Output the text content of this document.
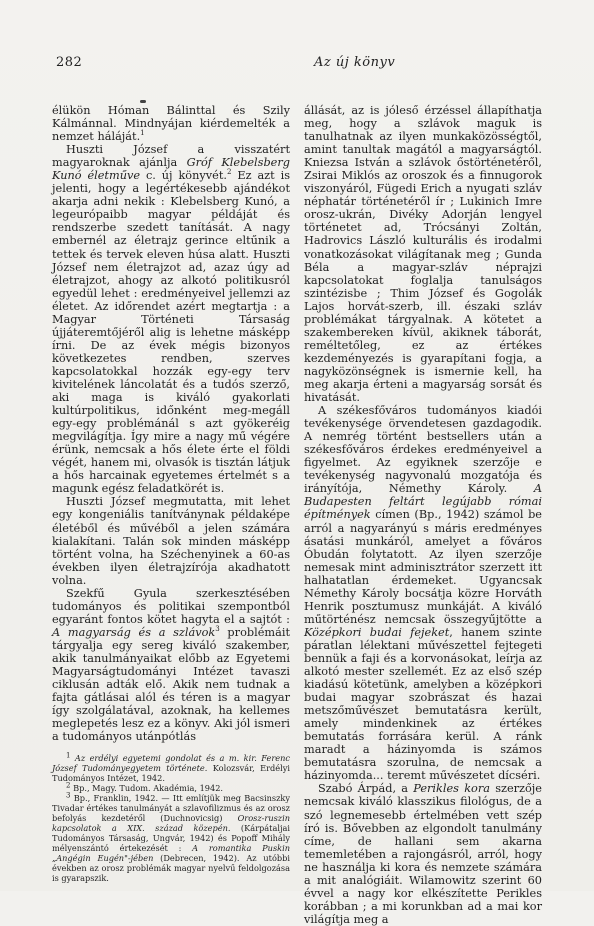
282	Az új könyv

élükön Hóman Bálinttal és Szily Kálmánnal. Mindnyájan kiérdemelték a nemzet háláját.$^1$

Huszti József a visszatért magyaroknak ajánlja Gróf Klebelsberg Kunó életműve c. új könyvét.$^2$ Ez azt is jelenti, hogy a legértékesebb ajándékot akarja adni nekik : Klebelsberg Kunó, a legeurópaibb magyar példáját és rendszerbe szedett tanítását. A nagy embernél az életrajz gerince eltűnik a tettek és tervek eleven húsa alatt. Huszti József nem életrajzot ad, azaz úgy ad életrajzot, ahogy az alkotó politikusról egyedül lehet : eredményeivel jellemzi az életet. Az időrendet azért megtartja : a Magyar Történeti Társaság újjáteremtőjéről alig is lehetne másképp írni. De az évek mégis bizonyos következetes rendben, szerves kapcsolatokkal hozzák egy-egy terv kivitelének láncolatát és a tudós szerző, aki maga is kiváló gyakorlati kultúrpolitikus, időnként meg-megáll egy-egy problémánál s azt gyökeréig megvilágítja. Így mire a nagy mű végére érünk, nemcsak a hős élete érte el földi végét, hanem mi, olvasók is tisztán látjuk a hős harcainak egyetemes értelmét s a magunk egész feladatkörét is.

Huszti József megmutatta, mit lehet egy kongeniális tanítványnak példaképe életéből és művéből a jelen számára kialakítani. Talán sok minden másképp történt volna, ha Széchenyinek a 60-as években ilyen életrajzírója akadhatott volna.

Szekfű Gyula szerkesztésében tudományos és politikai szempontból egyaránt fontos kötet hagyta el a sajtót : A magyarság és a szlávok$^3$ problémáit tárgyalja egy sereg kiváló szakember, akik tanulmányaikat előbb az Egyetemi Magyarságtudományi Intézet tavaszi ciklusán adták elő. Akik nem tudnak a fajta gátlásai alól és téren is a magyar így szolgálatával, azoknak, ha kellemes meglepetés lesz ez a könyv. Aki jól ismeri a tudományos utánpótlás

$^1$ Az erdélyi egyetemi gondolat és a m. kir. Ferenc József Tudományegyetem története. Kolozsvár, Erdélyi Tudományos Intézet, 1942.

$^2$ Bp., Magy. Tudom. Akadémia, 1942.

$^3$ Bp., Franklin, 1942. — Itt említjük meg Bacsinszky Tivadar értékes tanulmányát a szlavofilizmus és az orosz befolyás kezdetéről (Duchnovicsig) Orosz-ruszin kapcsolatok a XIX. század közepén. (Kárpátaljai Tudományos Társaság, Ungvár, 1942) és Popoff Mihály mélyenszántó értekezését : A romantika Puskin „Angégin Eugén"-jében (Debrecen, 1942). Az utóbbi években az orosz problémák magyar nyelvű feldolgozása is gyarapszik.

állását, az is jóleső érzéssel állapíthatja meg, hogy a szlávok maguk is tanulhatnak az ilyen munkaközösségtől, amint tanultak magától a magyarságtól. Kniezsa István a szlávok őstörténetéről, Zsirai Miklós az oroszok és a finnugorok viszonyáról, Fügedi Erich a nyugati szláv néphatár történetéről ír ; Lukinich Imre orosz-ukrán, Divéky Adorján lengyel történetet ad, Trócsányi Zoltán, Hadrovics László kulturális és irodalmi vonatkozásokat világítanak meg ; Gunda Béla a magyar-szláv néprajzi kapcsolatokat foglalja tanulságos szintézisbe ; Thim József és Gogolák Lajos horvát-szerb, ill. északi szláv problémákat tárgyalnak. A kötetet a szakembereken kívül, akiknek táborát, reméltetőleg, ez az értékes kezdeményezés is gyarapítani fogja, a nagyközönségnek is ismernie kell, ha meg akarja érteni a magyarság sorsát és hivatását.

A székesfőváros tudományos kiadói tevékenysége örvendetesen gazdagodik. A nemrég történt bestsellers után a székesfőváros érdekes eredményeivel a figyelmet. Az egyiknek szerzője e tevékenység nagyvonalú mozgatója és irányítója, Némethy Károly. A Budapesten feltárt legújabb római építmények címen (Bp., 1942) számol be arról a nagyarányú s máris eredményes ásatási munkáról, amelyet a főváros Óbudán folytatott. Az ilyen szerzője nemesak mint adminisztrátor szerzett itt halhatatlan érdemeket. Ugyancsak Némethy Károly bocsátja közre Horváth Henrik posztumusz munkáját. A kiváló műtörténész nemcsak összegyűjtötte a Középkori budai fejeket, hanem szinte páratlan lélektani művészettel fejtegeti bennük a faji és a korvonásokat, leírja az alkotó mester szellemét. Ez az első szép kiadású kötetünk, amelyben a középkori budai magyar szobrászat és hazai metszőművészet bemutatásra került, amely mindenkinek az értékes bemutatás forrására kerül. A ránk maradt a házinyomda is számos bemutatásra szorulna, de nemcsak a házinyomda... teremt művészetet dícséri.

Szabó Árpád, a Perikles kora szerzője nemcsak kiváló klasszikus filológus, de a szó legnemesebb értelmében vett szép író is. Bővebben az elgondolt tanulmány címe, de hallani sem akarna tememletében a rajongásról, arról, hogy ne használja ki kora és nemzete számára a mit analógiáit. Wilamowitz szerint 60 évvel a nagy kor elkészítette Perikles korábban ; a mi korunkban ad a mai kor világítja meg a
